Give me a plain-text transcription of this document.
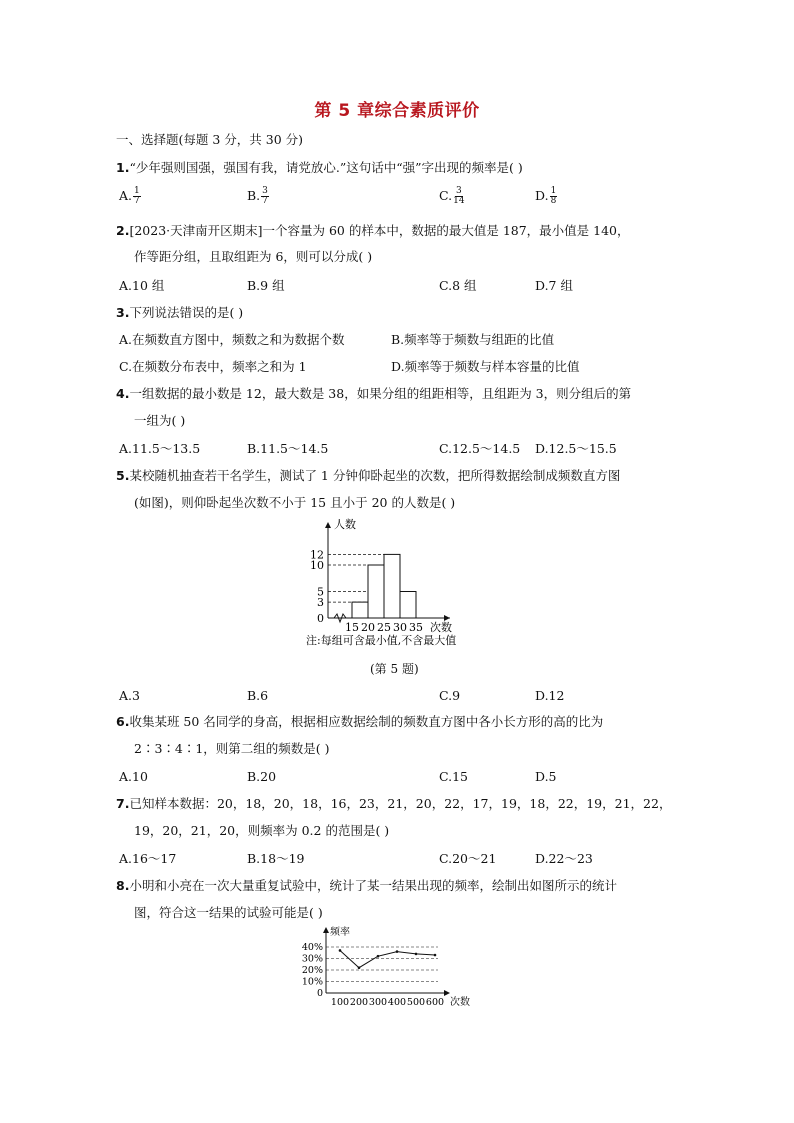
第 5 章综合素质评价
一、选择题(每题 3 分，共 30 分)
1.“少年强则国强，强国有我，请党放心.”这句话中“强”字出现的频率是( )
A. $\frac{1}{7}$	B. $\frac{3}{7}$	C. $\frac{3}{14}$	D. $\frac{1}{8}$
2.[2023·天津南开区期末]一个容量为 60 的样本中，数据的最大值是 187，最小值是 140，
作等距分组，且取组距为 6，则可以分成( )
A.10 组	B.9 组	C.8 组	D.7 组
3.下列说法错误的是( )
A.在频数直方图中，频数之和为数据个数	B.频率等于频数与组距的比值
C.在频数分布表中，频率之和为 1	D.频率等于频数与样本容量的比值
4.一组数据的最小数是 12，最大数是 38，如果分组的组距相等，且组距为 3，则分组后的第
一组为( )
A.11.5～13.5	B.11.5～14.5	C.12.5～14.5 D.12.5～15.5
5.某校随机抽查若干名学生，测试了 1 分钟仰卧起坐的次数，把所得数据绘制成频数直方图
(如图)，则仰卧起坐次数不小于 15 且小于 20 的人数是( )
人数
次数
0
3
5
10
12
15 20 25 30 35
注:每组可含最小值,不含最大值
(第 5 题)
A.3	B.6	C.9	D.12
6.收集某班 50 名同学的身高，根据相应数据绘制的频数直方图中各小长方形的高的比为
2∶3∶4∶1，则第二组的频数是( )
A.10	B.20	C.15	D.5
7.已知样本数据：20，18，20，18，16，23，21，20，22，17，19，18，22，19，21，22，
19，20，21，20，则频率为 0.2 的范围是( )
A.16～17	B.18～19	C.20～21	D.22～23
8.小明和小亮在一次大量重复试验中，统计了某一结果出现的频率，绘制出如图所示的统计
图，符合这一结果的试验可能是( )
频率
次数
0
10%
20%
30%
40%
100 200 300 400 500 600
